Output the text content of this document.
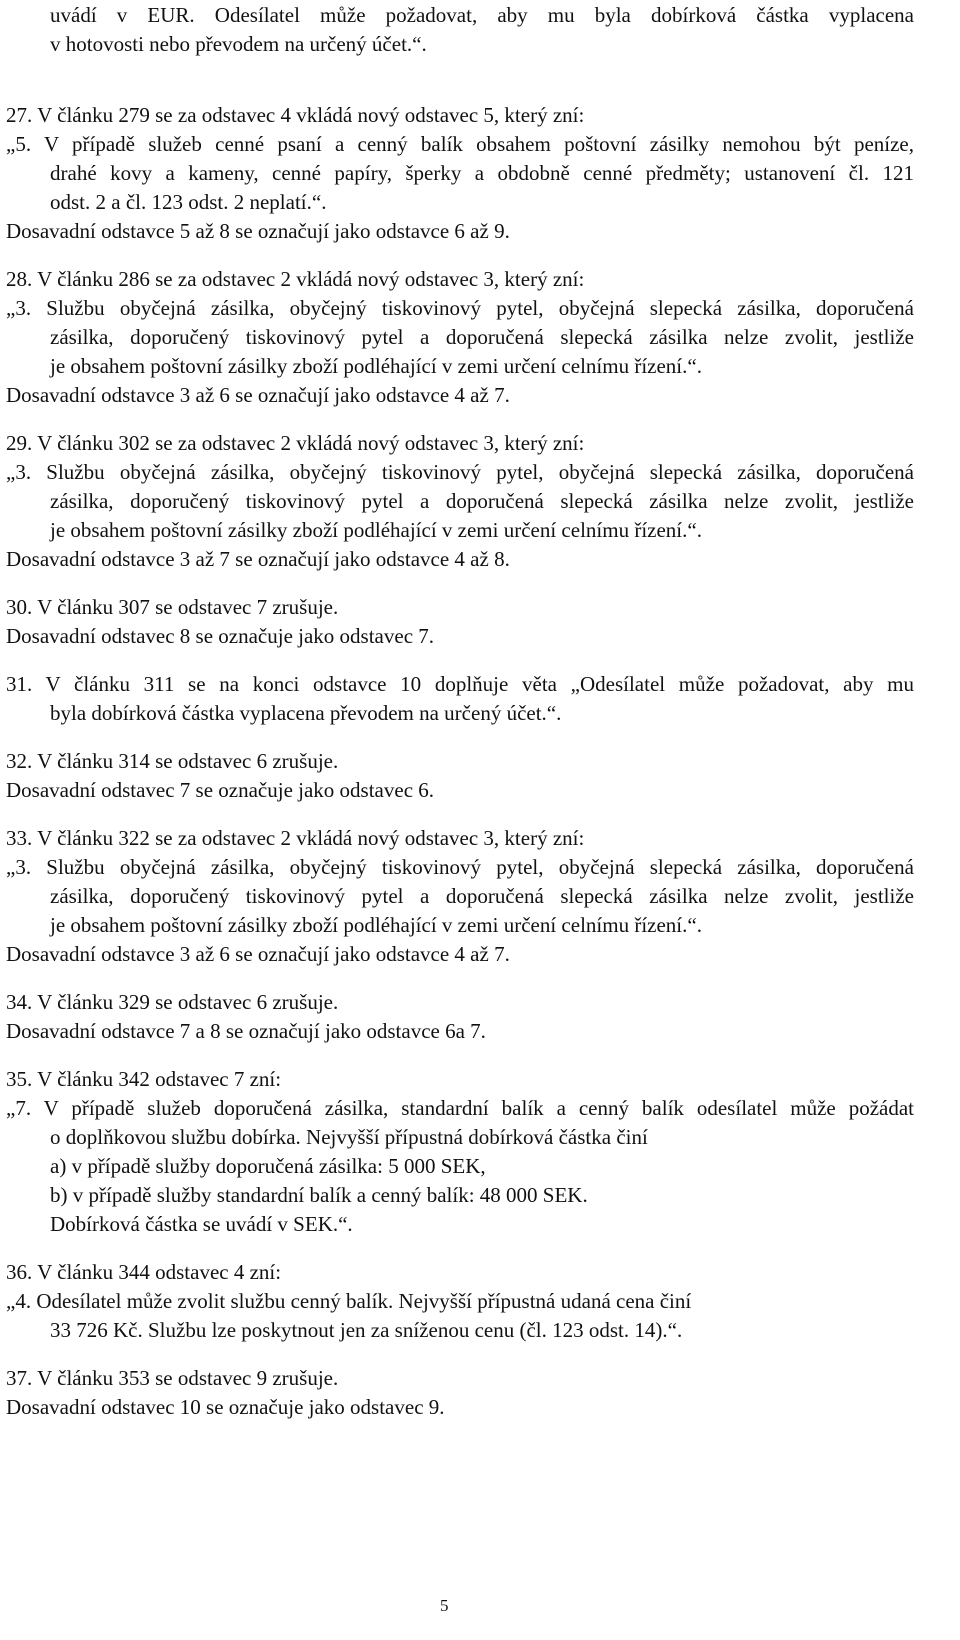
uvádí v EUR. Odesílatel může požadovat, aby mu byla dobírková částka vyplacena
v hotovosti nebo převodem na určený účet.“.
27. V článku 279 se za odstavec 4 vkládá nový odstavec 5, který zní:
„5. V případě služeb cenné psaní a cenný balík obsahem poštovní zásilky nemohou být peníze,
drahé kovy a kameny, cenné papíry, šperky a obdobně cenné předměty; ustanovení čl. 121
odst. 2 a čl. 123 odst. 2 neplatí.“.
Dosavadní odstavce 5 až 8 se označují jako odstavce 6 až 9.
28. V článku 286 se za odstavec 2 vkládá nový odstavec 3, který zní:
„3. Službu obyčejná zásilka, obyčejný tiskovinový pytel, obyčejná slepecká zásilka, doporučená
zásilka, doporučený tiskovinový pytel a doporučená slepecká zásilka nelze zvolit, jestliže
je obsahem poštovní zásilky zboží podléhající v zemi určení celnímu řízení.“.
Dosavadní odstavce 3 až 6 se označují jako odstavce 4 až 7.
29. V článku 302 se za odstavec 2 vkládá nový odstavec 3, který zní:
„3. Službu obyčejná zásilka, obyčejný tiskovinový pytel, obyčejná slepecká zásilka, doporučená
zásilka, doporučený tiskovinový pytel a doporučená slepecká zásilka nelze zvolit, jestliže
je obsahem poštovní zásilky zboží podléhající v zemi určení celnímu řízení.“.
Dosavadní odstavce 3 až 7 se označují jako odstavce 4 až 8.
30. V článku 307 se odstavec 7 zrušuje.
Dosavadní odstavec 8 se označuje jako odstavec 7.
31. V článku 311 se na konci odstavce 10 doplňuje věta „Odesílatel může požadovat, aby mu
byla dobírková částka vyplacena převodem na určený účet.“.
32. V článku 314 se odstavec 6 zrušuje.
Dosavadní odstavec 7 se označuje jako odstavec 6.
33. V článku 322 se za odstavec 2 vkládá nový odstavec 3, který zní:
„3. Službu obyčejná zásilka, obyčejný tiskovinový pytel, obyčejná slepecká zásilka, doporučená
zásilka, doporučený tiskovinový pytel a doporučená slepecká zásilka nelze zvolit, jestliže
je obsahem poštovní zásilky zboží podléhající v zemi určení celnímu řízení.“.
Dosavadní odstavce 3 až 6 se označují jako odstavce 4 až 7.
34. V článku 329 se odstavec 6 zrušuje.
Dosavadní odstavce 7 a 8 se označují jako odstavce 6a 7.
35. V článku 342 odstavec 7 zní:
„7. V případě služeb doporučená zásilka, standardní balík a cenný balík odesílatel může požádat
o doplňkovou službu dobírka. Nejvyšší přípustná dobírková částka činí
a) v případě služby doporučená zásilka: 5 000 SEK,
b) v případě služby standardní balík a cenný balík: 48 000 SEK.
Dobírková částka se uvádí v SEK.“.
36. V článku 344 odstavec 4 zní:
„4. Odesílatel může zvolit službu cenný balík. Nejvyšší přípustná udaná cena činí
33 726 Kč. Službu lze poskytnout jen za sníženou cenu (čl. 123 odst. 14).“.
37. V článku 353 se odstavec 9 zrušuje.
Dosavadní odstavec 10 se označuje jako odstavec 9.
5
